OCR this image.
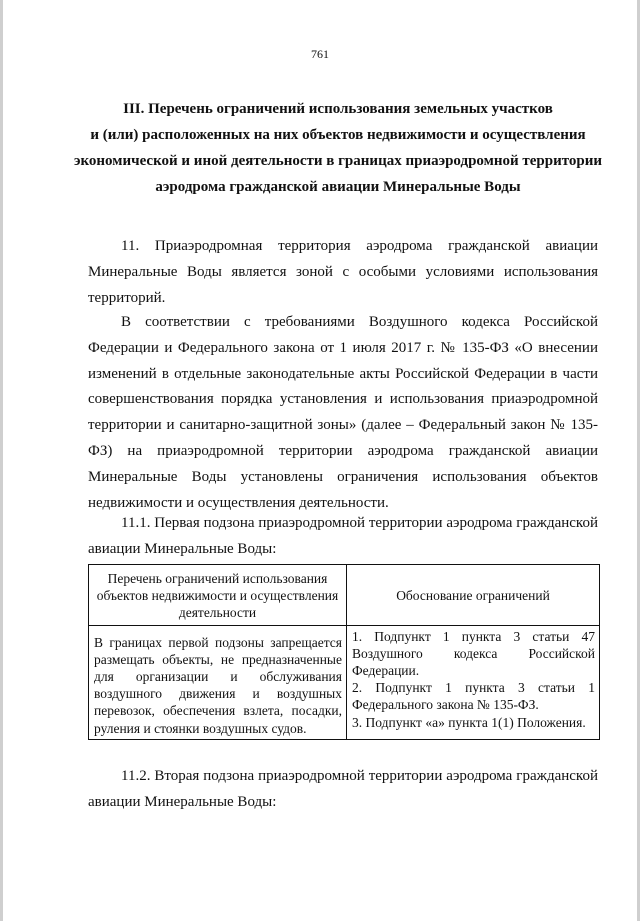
761
III. Перечень ограничений использования земельных участков
и (или) расположенных на них объектов недвижимости и осуществления
экономической и иной деятельности в границах приаэродромной территории
аэродрома гражданской авиации Минеральные Воды
11. Приаэродромная территория аэродрома гражданской авиации Минеральные Воды является зоной с особыми условиями использования территорий.
В соответствии с требованиями Воздушного кодекса Российской Федерации и Федерального закона от 1 июля 2017 г. № 135-ФЗ «О внесении изменений в отдельные законодательные акты Российской Федерации в части совершенствования порядка установления и использования приаэродромной территории и санитарно-защитной зоны» (далее – Федеральный закон № 135-ФЗ) на приаэродромной территории аэродрома гражданской авиации Минеральные Воды установлены ограничения использования объектов недвижимости и осуществления деятельности.
11.1. Первая подзона приаэродромной территории аэродрома гражданской авиации Минеральные Воды:
Перечень ограничений использования объектов недвижимости и осуществления деятельности
Обоснование ограничений
В границах первой подзоны запрещается размещать объекты, не предназначенные для организации и обслуживания воздушного движения и воздушных перевозок, обеспечения взлета, посадки, руления и стоянки воздушных судов.
1. Подпункт 1 пункта 3 статьи 47 Воздушного кодекса Российской Федерации.
2. Подпункт 1 пункта 3 статьи 1 Федерального закона № 135-ФЗ.
3. Подпункт «а» пункта 1(1) Положения.
11.2. Вторая подзона приаэродромной территории аэродрома гражданской авиации Минеральные Воды:
